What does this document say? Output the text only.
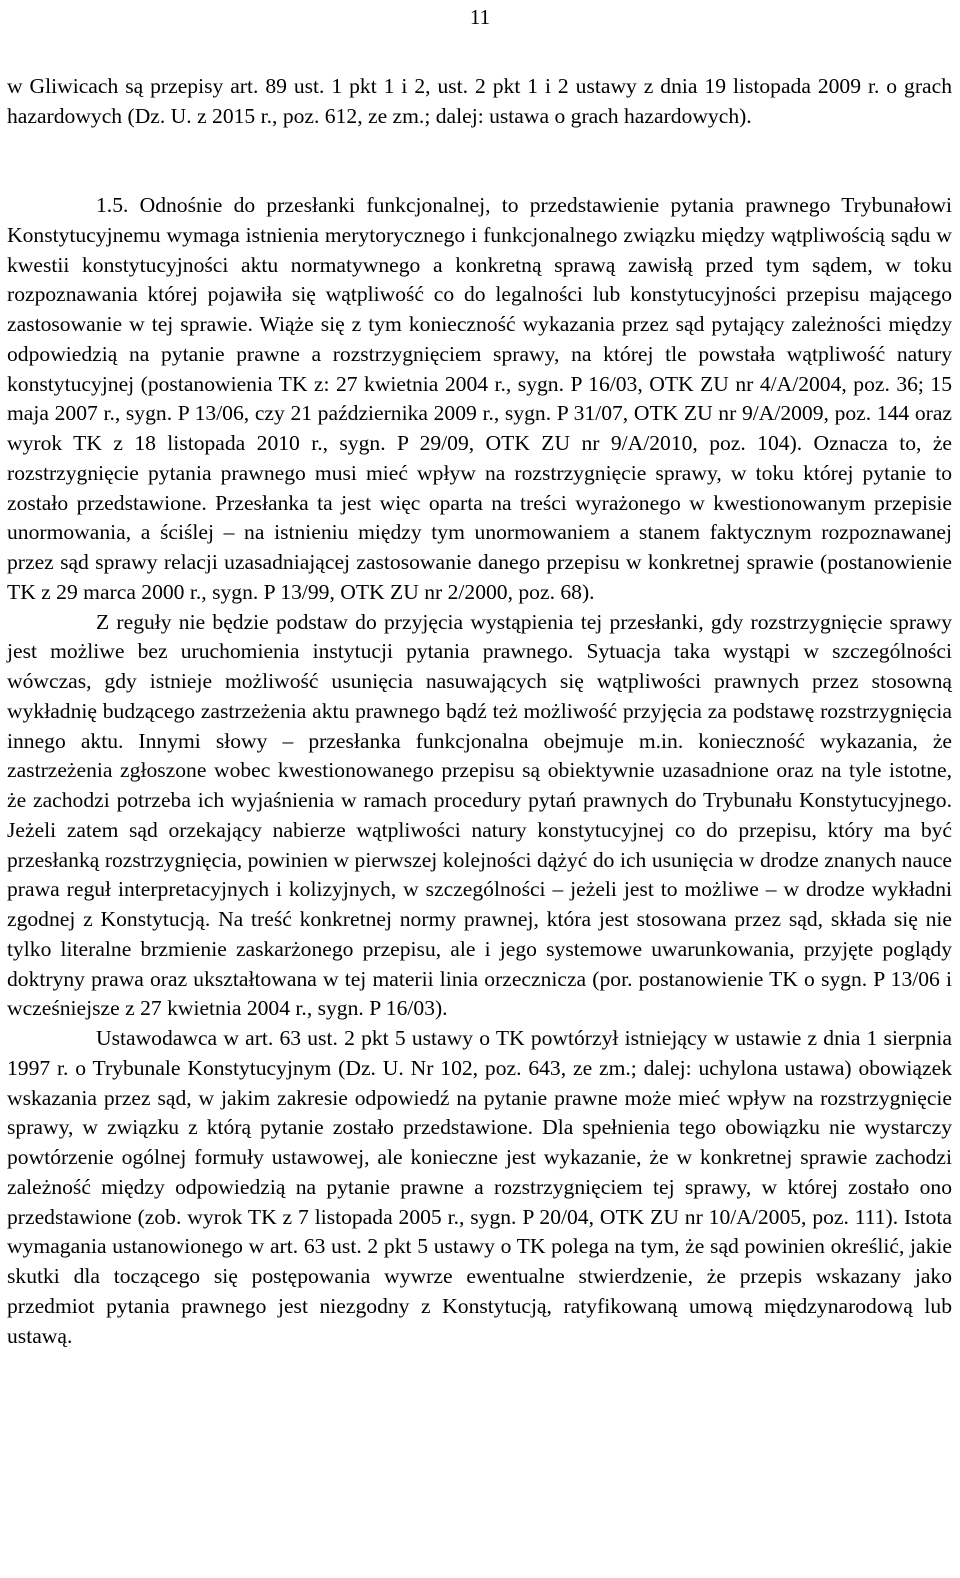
11

w Gliwicach są przepisy art. 89 ust. 1 pkt 1 i 2, ust. 2 pkt 1 i 2 ustawy z dnia 19 listopada 2009 r. o grach hazardowych (Dz. U. z 2015 r., poz. 612, ze zm.; dalej: ustawa o grach hazardowych).

1.5. Odnośnie do przesłanki funkcjonalnej, to przedstawienie pytania prawnego Trybunałowi Konstytucyjnemu wymaga istnienia merytorycznego i funkcjonalnego związku między wątpliwością sądu w kwestii konstytucyjności aktu normatywnego a konkretną sprawą zawisłą przed tym sądem, w toku rozpoznawania której pojawiła się wątpliwość co do legalności lub konstytucyjności przepisu mającego zastosowanie w tej sprawie. Wiąże się z tym konieczność wykazania przez sąd pytający zależności między odpowiedzią na pytanie prawne a rozstrzygnięciem sprawy, na której tle powstała wątpliwość natury konstytucyjnej (postanowienia TK z: 27 kwietnia 2004 r., sygn. P 16/03, OTK ZU nr 4/A/2004, poz. 36; 15 maja 2007 r., sygn. P 13/06, czy 21 października 2009 r., sygn. P 31/07, OTK ZU nr 9/A/2009, poz. 144 oraz wyrok TK z 18 listopada 2010 r., sygn. P 29/09, OTK ZU nr 9/A/2010, poz. 104). Oznacza to, że rozstrzygnięcie pytania prawnego musi mieć wpływ na rozstrzygnięcie sprawy, w toku której pytanie to zostało przedstawione. Przesłanka ta jest więc oparta na treści wyrażonego w kwestionowanym przepisie unormowania, a ściślej – na istnieniu między tym unormowaniem a stanem faktycznym rozpoznawanej przez sąd sprawy relacji uzasadniającej zastosowanie danego przepisu w konkretnej sprawie (postanowienie TK z 29 marca 2000 r., sygn. P 13/99, OTK ZU nr 2/2000, poz. 68).

Z reguły nie będzie podstaw do przyjęcia wystąpienia tej przesłanki, gdy rozstrzygnięcie sprawy jest możliwe bez uruchomienia instytucji pytania prawnego. Sytuacja taka wystąpi w szczególności wówczas, gdy istnieje możliwość usunięcia nasuwających się wątpliwości prawnych przez stosowną wykładnię budzącego zastrzeżenia aktu prawnego bądź też możliwość przyjęcia za podstawę rozstrzygnięcia innego aktu. Innymi słowy – przesłanka funkcjonalna obejmuje m.in. konieczność wykazania, że zastrzeżenia zgłoszone wobec kwestionowanego przepisu są obiektywnie uzasadnione oraz na tyle istotne, że zachodzi potrzeba ich wyjaśnienia w ramach procedury pytań prawnych do Trybunału Konstytucyjnego. Jeżeli zatem sąd orzekający nabierze wątpliwości natury konstytucyjnej co do przepisu, który ma być przesłanką rozstrzygnięcia, powinien w pierwszej kolejności dążyć do ich usunięcia w drodze znanych nauce prawa reguł interpretacyjnych i kolizyjnych, w szczególności – jeżeli jest to możliwe – w drodze wykładni zgodnej z Konstytucją. Na treść konkretnej normy prawnej, która jest stosowana przez sąd, składa się nie tylko literalne brzmienie zaskarżonego przepisu, ale i jego systemowe uwarunkowania, przyjęte poglądy doktryny prawa oraz ukształtowana w tej materii linia orzecznicza (por. postanowienie TK o sygn. P 13/06 i wcześniejsze z 27 kwietnia 2004 r., sygn. P 16/03).

Ustawodawca w art. 63 ust. 2 pkt 5 ustawy o TK powtórzył istniejący w ustawie z dnia 1 sierpnia 1997 r. o Trybunale Konstytucyjnym (Dz. U. Nr 102, poz. 643, ze zm.; dalej: uchylona ustawa) obowiązek wskazania przez sąd, w jakim zakresie odpowiedź na pytanie prawne może mieć wpływ na rozstrzygnięcie sprawy, w związku z którą pytanie zostało przedstawione. Dla spełnienia tego obowiązku nie wystarczy powtórzenie ogólnej formuły ustawowej, ale konieczne jest wykazanie, że w konkretnej sprawie zachodzi zależność między odpowiedzią na pytanie prawne a rozstrzygnięciem tej sprawy, w której zostało ono przedstawione (zob. wyrok TK z 7 listopada 2005 r., sygn. P 20/04, OTK ZU nr 10/A/2005, poz. 111). Istota wymagania ustanowionego w art. 63 ust. 2 pkt 5 ustawy o TK polega na tym, że sąd powinien określić, jakie skutki dla toczącego się postępowania wywrze ewentualne stwierdzenie, że przepis wskazany jako przedmiot pytania prawnego jest niezgodny z Konstytucją, ratyfikowaną umową międzynarodową lub ustawą.
